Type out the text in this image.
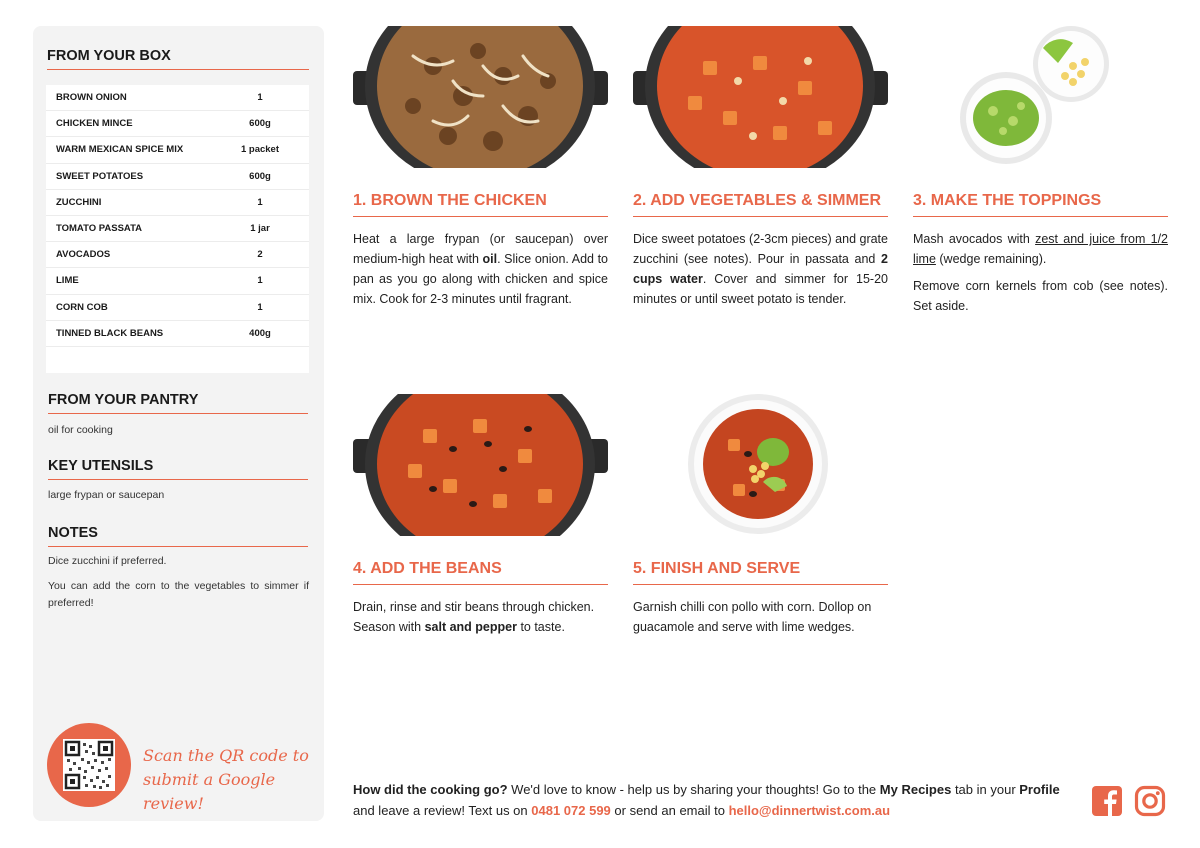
FROM YOUR BOX
BROWN ONION	1
CHICKEN MINCE	600g
WARM MEXICAN SPICE MIX	1 packet
SWEET POTATOES	600g
ZUCCHINI	1
TOMATO PASSATA	1 jar
AVOCADOS	2
LIME	1
CORN COB	1
TINNED BLACK BEANS	400g
FROM YOUR PANTRY
oil for cooking
KEY UTENSILS
large frypan or saucepan
NOTES

Dice zucchini if preferred.

You can add the corn to the vegetables to simmer if preferred!

Scan the QR code to
submit a Google review!
1. BROWN THE CHICKEN

Heat a large frypan (or saucepan) over medium-high heat with oil. Slice onion. Add to pan as you go along with chicken and spice mix. Cook for 2-3 minutes until fragrant.

2. ADD VEGETABLES & SIMMER

Dice sweet potatoes (2-3cm pieces) and grate zucchini (see notes). Pour in passata and 2 cups water. Cover and simmer for 15-20 minutes or until sweet potato is tender.

3. MAKE THE TOPPINGS

Mash avocados with zest and juice from 1/2 lime (wedge remaining).

Remove corn kernels from cob (see notes). Set aside.

4. ADD THE BEANS

Drain, rinse and stir beans through chicken. Season with salt and pepper to taste.

5. FINISH AND SERVE

Garnish chilli con pollo with corn. Dollop on guacamole and serve with lime wedges.

How did the cooking go? We'd love to know - help us by sharing your thoughts! Go to the My Recipes tab in your Profile and leave a review! Text us on 0481 072 599 or send an email to hello@dinnertwist.com.au
